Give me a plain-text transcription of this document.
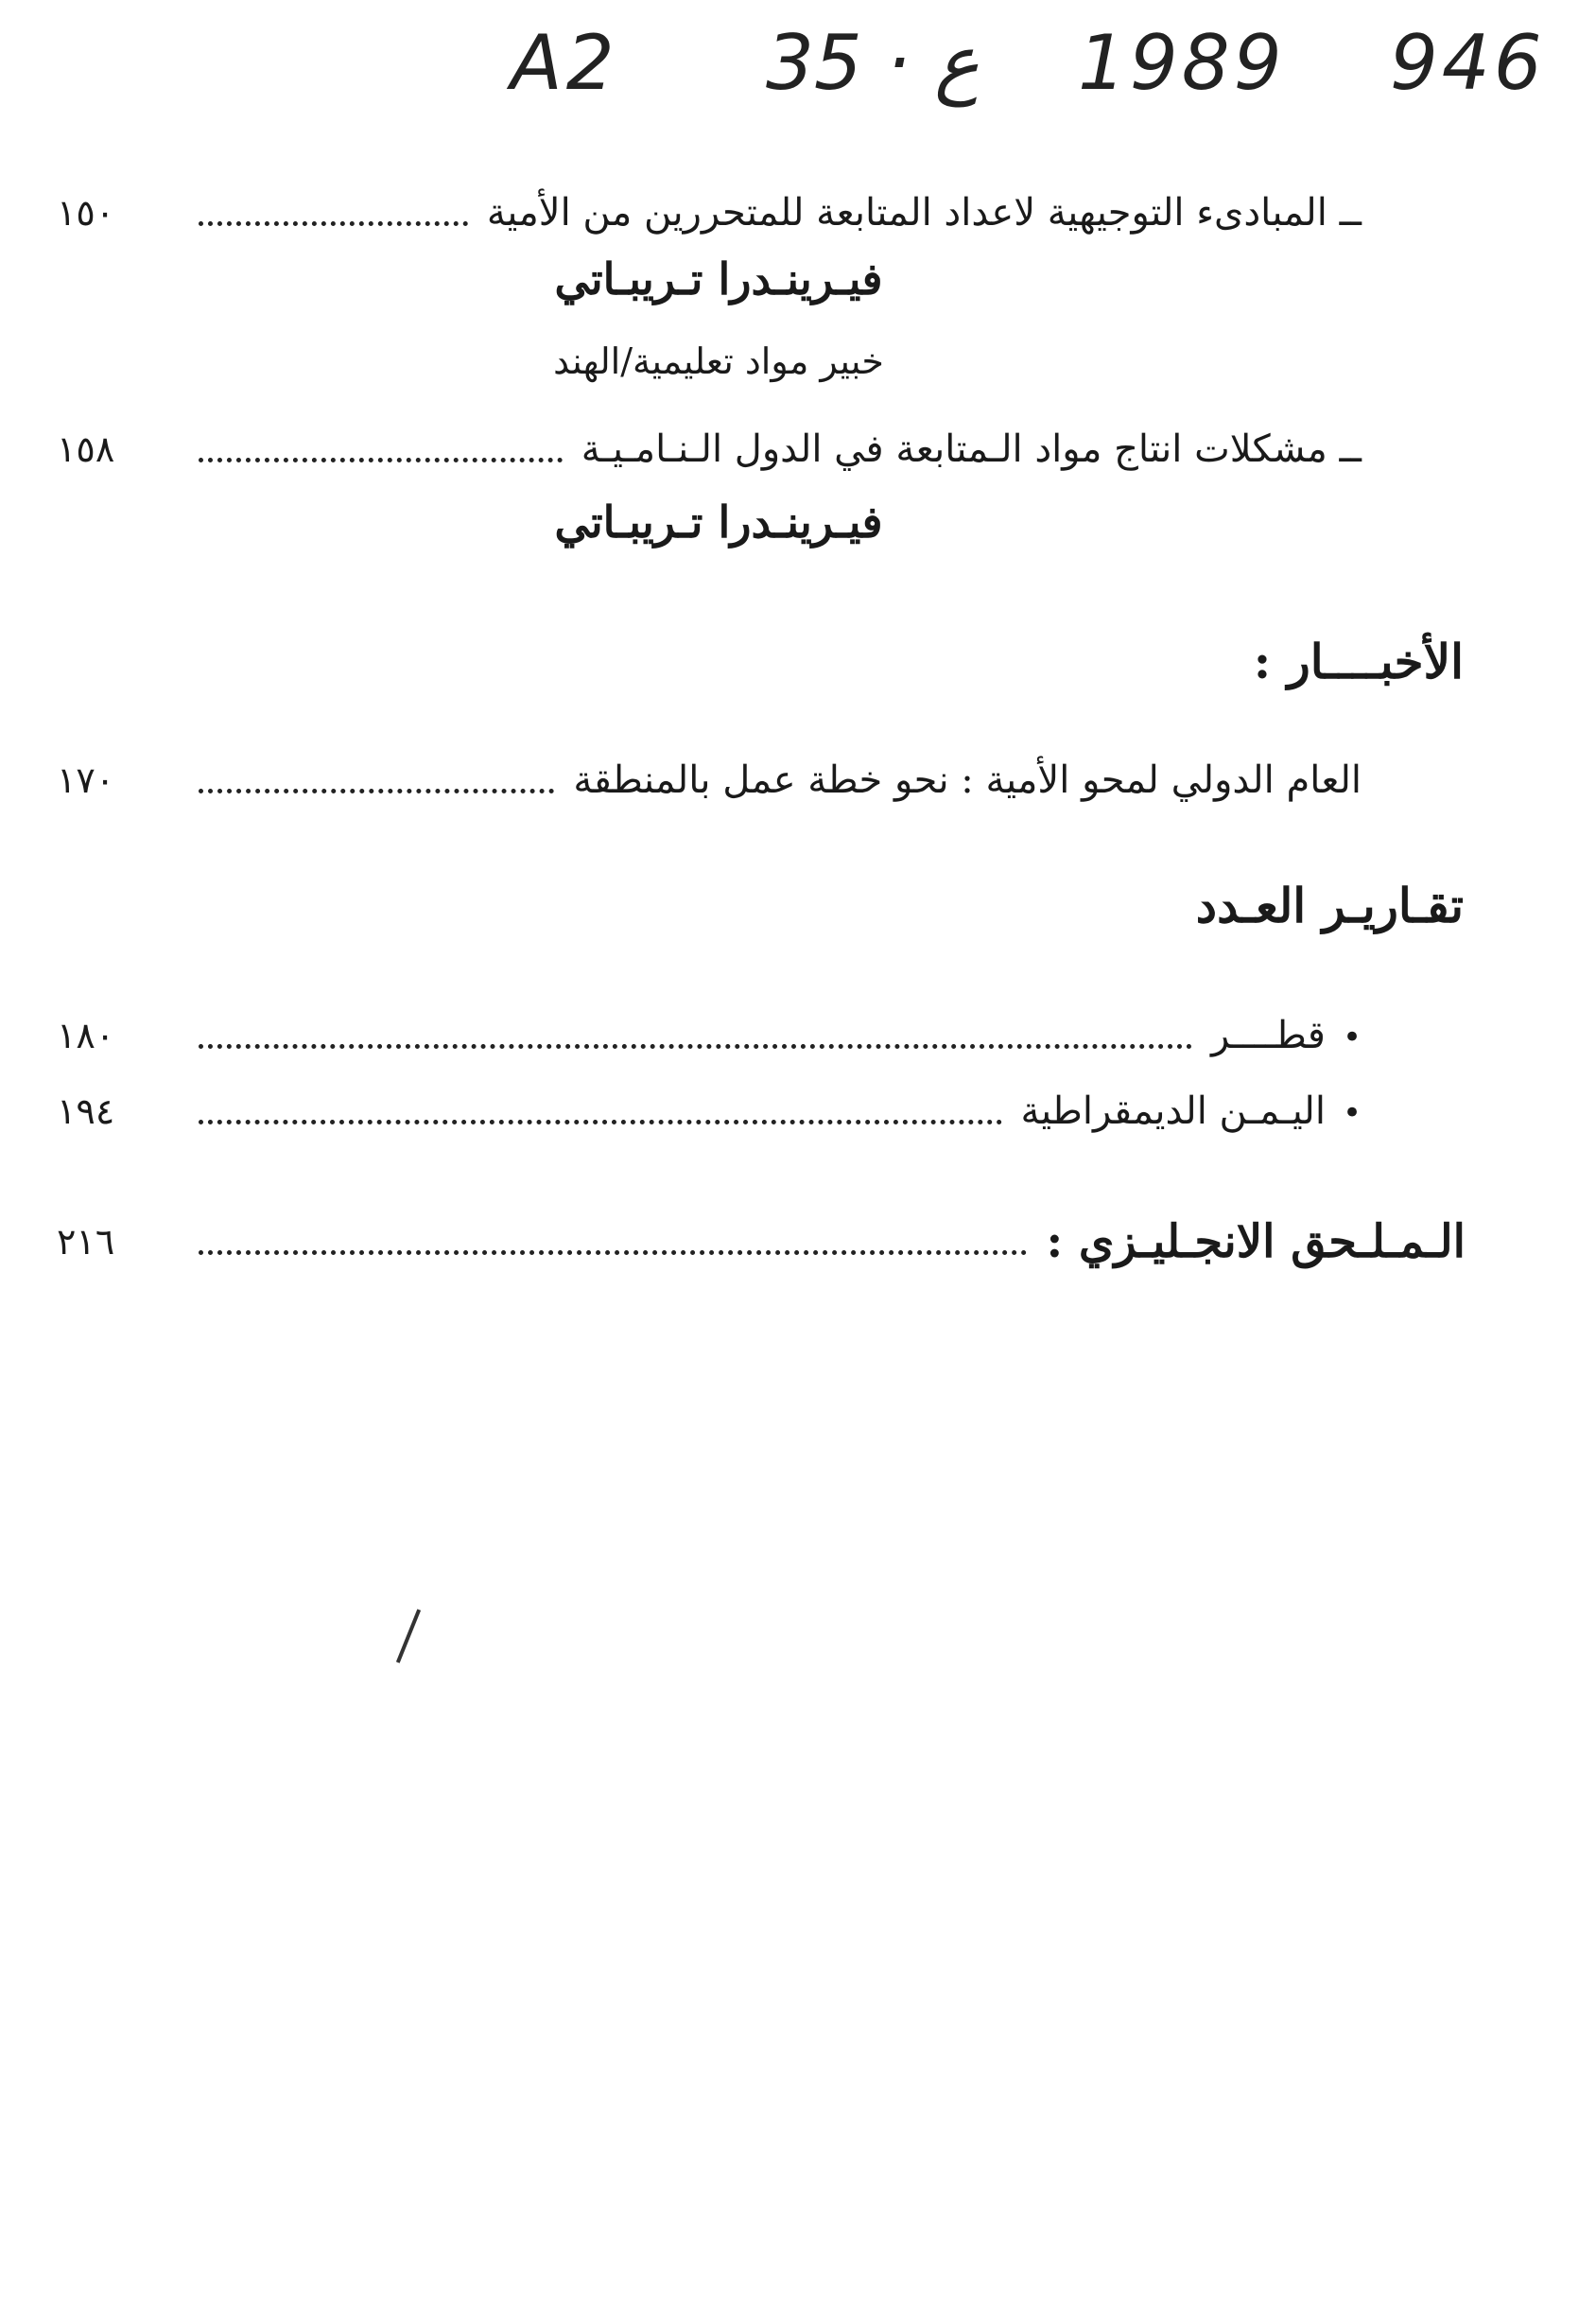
A2 35 · ع 1989 946
١٥٠	ــ المبادىء التوجيهية لاعداد المتابعة للمتحررين من الأمية
فيـرينـدرا تـريبـاتي
خبير مواد تعليمية/الهند
١٥٨	ــ مشكلات انتاج مواد الـمتابعة في الدول الـنـامـيـة
فيـرينـدرا تـريبـاتي
الأخبــــار :
١٧٠	العام الدولي لمحو الأمية : نحو خطة عمل بالمنطقة
تقـاريـر العـدد
١٨٠	•قطــــر
١٩٤	•اليـمـن الديمقراطية
٢١٦	الـمـلـحق الانجـليـزي :
